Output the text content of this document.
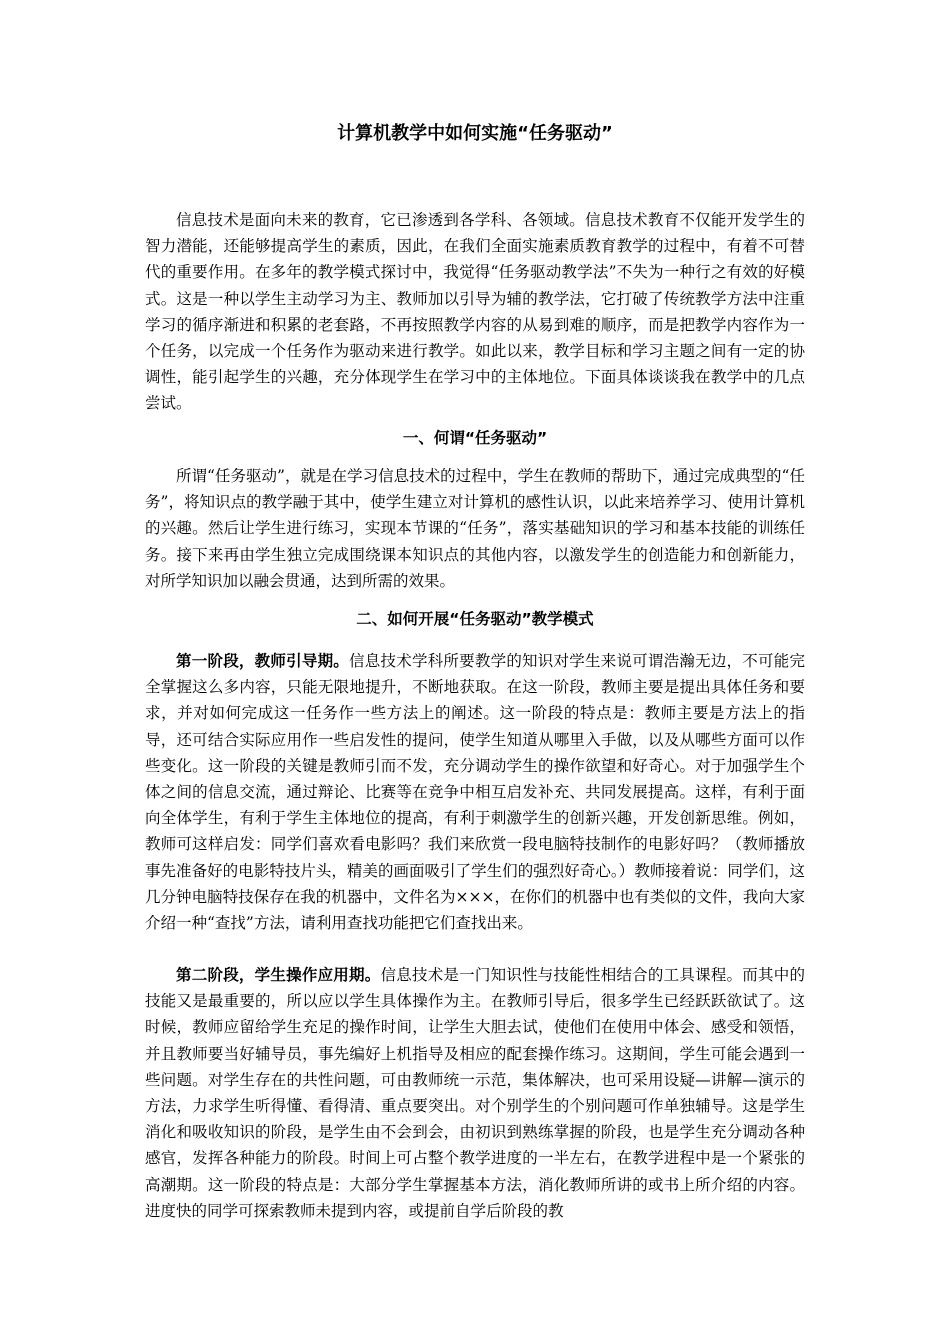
计算机教学中如何实施“任务驱动”

信息技术是面向未来的教育，它已渗透到各学科、各领域。信息技术教育不仅能开发学生的智力潜能，还能够提高学生的素质，因此，在我们全面实施素质教育教学的过程中，有着不可替代的重要作用。在多年的教学模式探讨中，我觉得“任务驱动教学法”不失为一种行之有效的好模式。这是一种以学生主动学习为主、教师加以引导为辅的教学法，它打破了传统教学方法中注重学习的循序渐进和积累的老套路，不再按照教学内容的从易到难的顺序，而是把教学内容作为一个任务，以完成一个任务作为驱动来进行教学。如此以来，教学目标和学习主题之间有一定的协调性，能引起学生的兴趣，充分体现学生在学习中的主体地位。下面具体谈谈我在教学中的几点尝试。

一、何谓“任务驱动”

所谓“任务驱动”，就是在学习信息技术的过程中，学生在教师的帮助下，通过完成典型的“任务”，将知识点的教学融于其中，使学生建立对计算机的感性认识，以此来培养学习、使用计算机的兴趣。然后让学生进行练习，实现本节课的“任务”，落实基础知识的学习和基本技能的训练任务。接下来再由学生独立完成围绕课本知识点的其他内容，以激发学生的创造能力和创新能力，对所学知识加以融会贯通，达到所需的效果。

二、如何开展“任务驱动”教学模式

第一阶段，教师引导期。信息技术学科所要教学的知识对学生来说可谓浩瀚无边，不可能完全掌握这么多内容，只能无限地提升，不断地获取。在这一阶段，教师主要是提出具体任务和要求，并对如何完成这一任务作一些方法上的阐述。这一阶段的特点是：教师主要是方法上的指导，还可结合实际应用作一些启发性的提问，使学生知道从哪里入手做，以及从哪些方面可以作些变化。这一阶段的关键是教师引而不发，充分调动学生的操作欲望和好奇心。对于加强学生个体之间的信息交流，通过辩论、比赛等在竞争中相互启发补充、共同发展提高。这样，有利于面向全体学生，有利于学生主体地位的提高，有利于刺激学生的创新兴趣，开发创新思维。例如，教师可这样启发：同学们喜欢看电影吗？我们来欣赏一段电脑特技制作的电影好吗？（教师播放事先准备好的电影特技片头，精美的画面吸引了学生们的强烈好奇心。）教师接着说：同学们，这几分钟电脑特技保存在我的机器中，文件名为×××，在你们的机器中也有类似的文件，我向大家介绍一种“查找”方法，请利用查找功能把它们查找出来。

第二阶段，学生操作应用期。信息技术是一门知识性与技能性相结合的工具课程。而其中的技能又是最重要的，所以应以学生具体操作为主。在教师引导后，很多学生已经跃跃欲试了。这时候，教师应留给学生充足的操作时间，让学生大胆去试，使他们在使用中体会、感受和领悟，并且教师要当好辅导员，事先编好上机指导及相应的配套操作练习。这期间，学生可能会遇到一些问题。对学生存在的共性问题，可由教师统一示范，集体解决，也可采用设疑—讲解—演示的方法，力求学生听得懂、看得清、重点要突出。对个别学生的个别问题可作单独辅导。这是学生消化和吸收知识的阶段，是学生由不会到会，由初识到熟练掌握的阶段，也是学生充分调动各种感官，发挥各种能力的阶段。时间上可占整个教学进度的一半左右，在教学进程中是一个紧张的高潮期。这一阶段的特点是：大部分学生掌握基本方法，消化教师所讲的或书上所介绍的内容。进度快的同学可探索教师未提到内容，或提前自学后阶段的教
